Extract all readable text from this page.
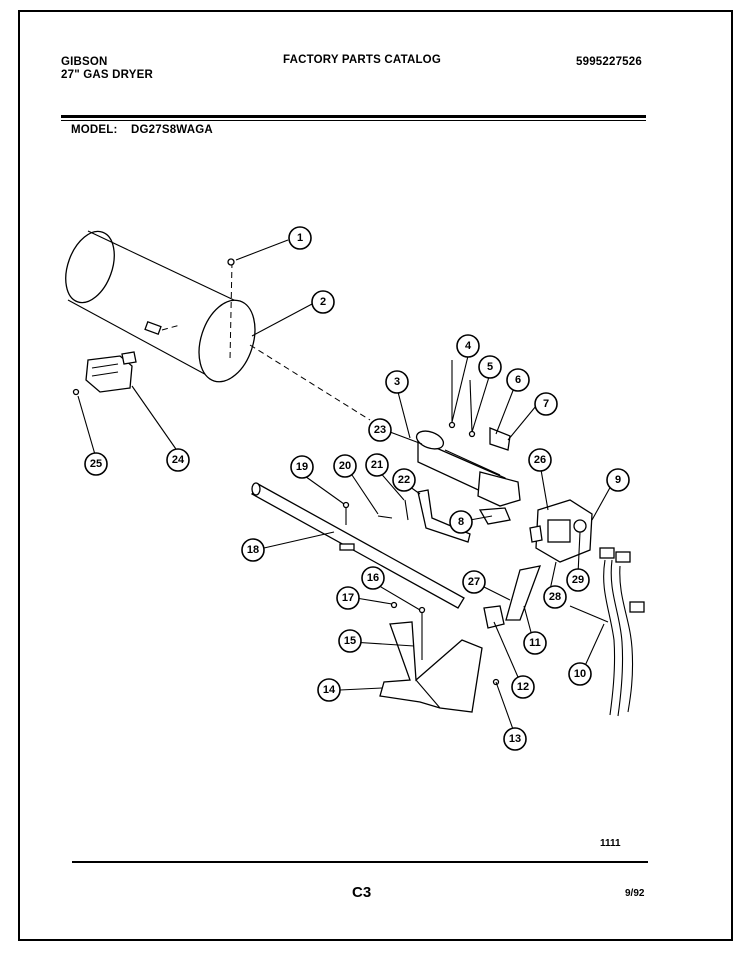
GIBSON
27" GAS DRYER
FACTORY PARTS CATALOG	5995227526
MODEL: DG27S8WAGA
1
2
3
4
5
6
7
23
26
9
19	20 21
22
8
29
28
18
16
17
27
11
15
12
10
14
13
24
25
1111
C3	9/92
